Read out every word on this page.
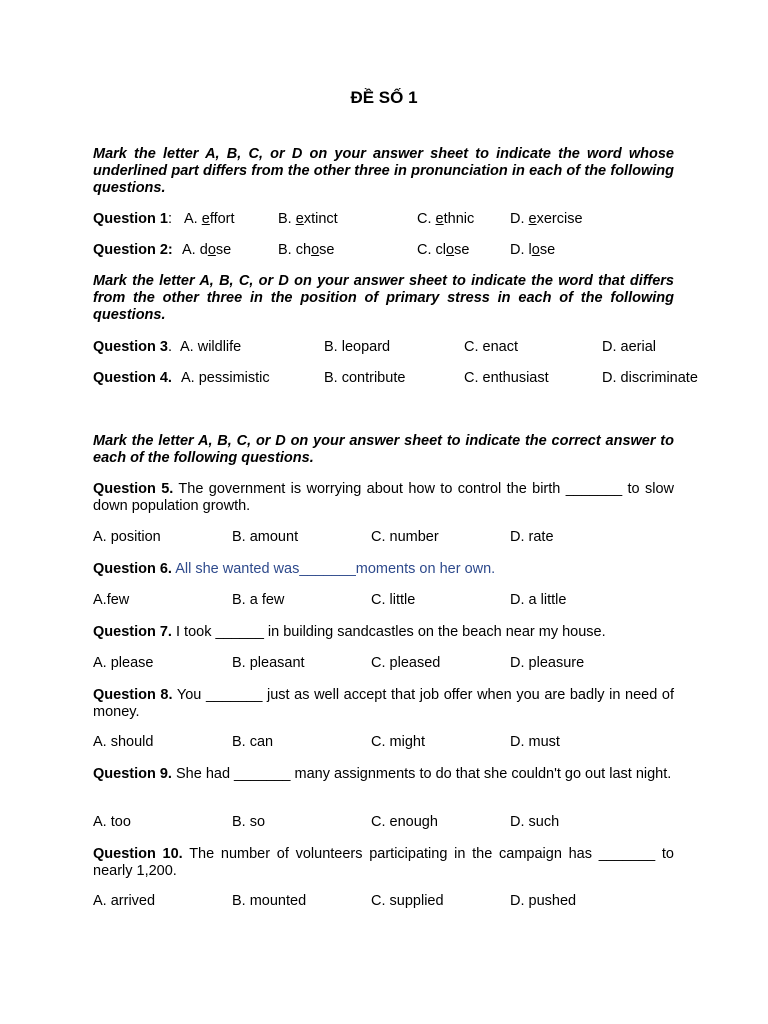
ĐỀ SỐ 1
Mark the letter A, B, C, or D on your answer sheet to indicate the word whose underlined part differs from the other three in pronunciation in each of the following questions.
Question 1: A. effort	B. extinct	C. ethnic D. exercise
Question 2: A. dose	B. chose	C. close	D. lose
Mark the letter A, B, C, or D on your answer sheet to indicate the word that differs from the other three in the position of primary stress in each of the following questions.
Question 3. A. wildlife	B. leopard	C. enact	D. aerial
Question 4. A. pessimistic	B. contribute	C. enthusiast	D. discriminate
Mark the letter A, B, C, or D on your answer sheet to indicate the correct answer to each of the following questions.
Question 5. The government is worrying about how to control the birth _______ to slow down population growth.
A. position	B. amount	C. number	D. rate
Question 6. All she wanted was_______moments on her own.
A.few	B. a few	C. little	D. a little
Question 7. I took ______ in building sandcastles on the beach near my house.
A. please	B. pleasant	C. pleased	D. pleasure
Question 8. You _______ just as well accept that job offer when you are badly in need of money.
A. should	B. can	C. might	D. must
Question 9. She had _______ many assignments to do that she couldn't go out last night.
A. too	B. so	C. enough	D. such
Question 10. The number of volunteers participating in the campaign has _______ to nearly 1,200.
A. arrived	B. mounted	C. supplied	D. pushed
